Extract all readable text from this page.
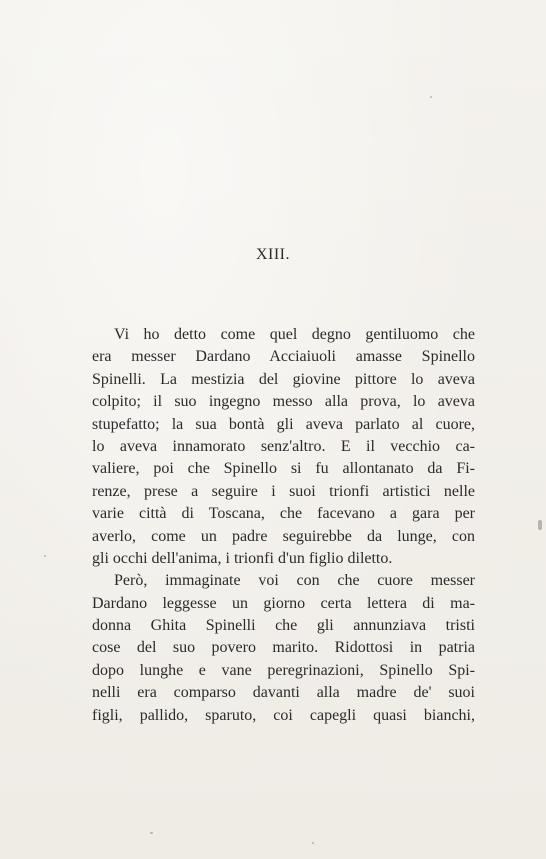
XIII.
Vi ho detto come quel degno gentiluomo che
era messer Dardano Acciaiuoli amasse Spinello
Spinelli. La mestizia del giovine pittore lo aveva
colpito; il suo ingegno messo alla prova, lo aveva
stupefatto; la sua bontà gli aveva parlato al cuore,
lo aveva innamorato senz'altro. E il vecchio ca-
valiere, poi che Spinello si fu allontanato da Fi-
renze, prese a seguire i suoi trionfi artistici nelle
varie città di Toscana, che facevano a gara per
averlo, come un padre seguirebbe da lunge, con
gli occhi dell'anima, i trionfi d'un figlio diletto.
Però, immaginate voi con che cuore messer
Dardano leggesse un giorno certa lettera di ma-
donna Ghita Spinelli che gli annunziava tristi
cose del suo povero marito. Ridottosi in patria
dopo lunghe e vane peregrinazioni, Spinello Spi-
nelli era comparso davanti alla madre de' suoi
figli, pallido, sparuto, coi capegli quasi bianchi,
